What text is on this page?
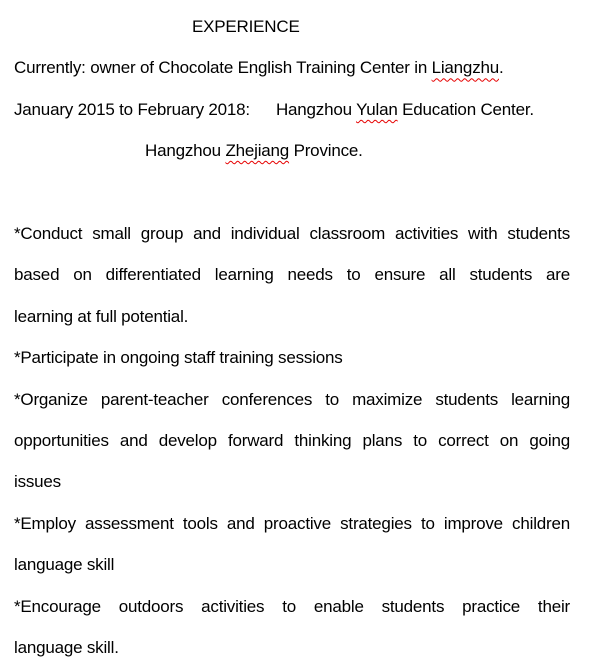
EXPERIENCE
Currently: owner of Chocolate English Training Center in Liangzhu.
January 2015 to February 2018: Hangzhou Yulan Education Center.
Hangzhou Zhejiang Province.
*Conduct small group and individual classroom activities with students
based on differentiated learning needs to ensure all students are
learning at full potential.
*Participate in ongoing staff training sessions
*Organize parent-teacher conferences to maximize students learning
opportunities and develop forward thinking plans to correct on going
issues
*Employ assessment tools and proactive strategies to improve children
language skill
*Encourage outdoors activities to enable students practice their
language skill.
